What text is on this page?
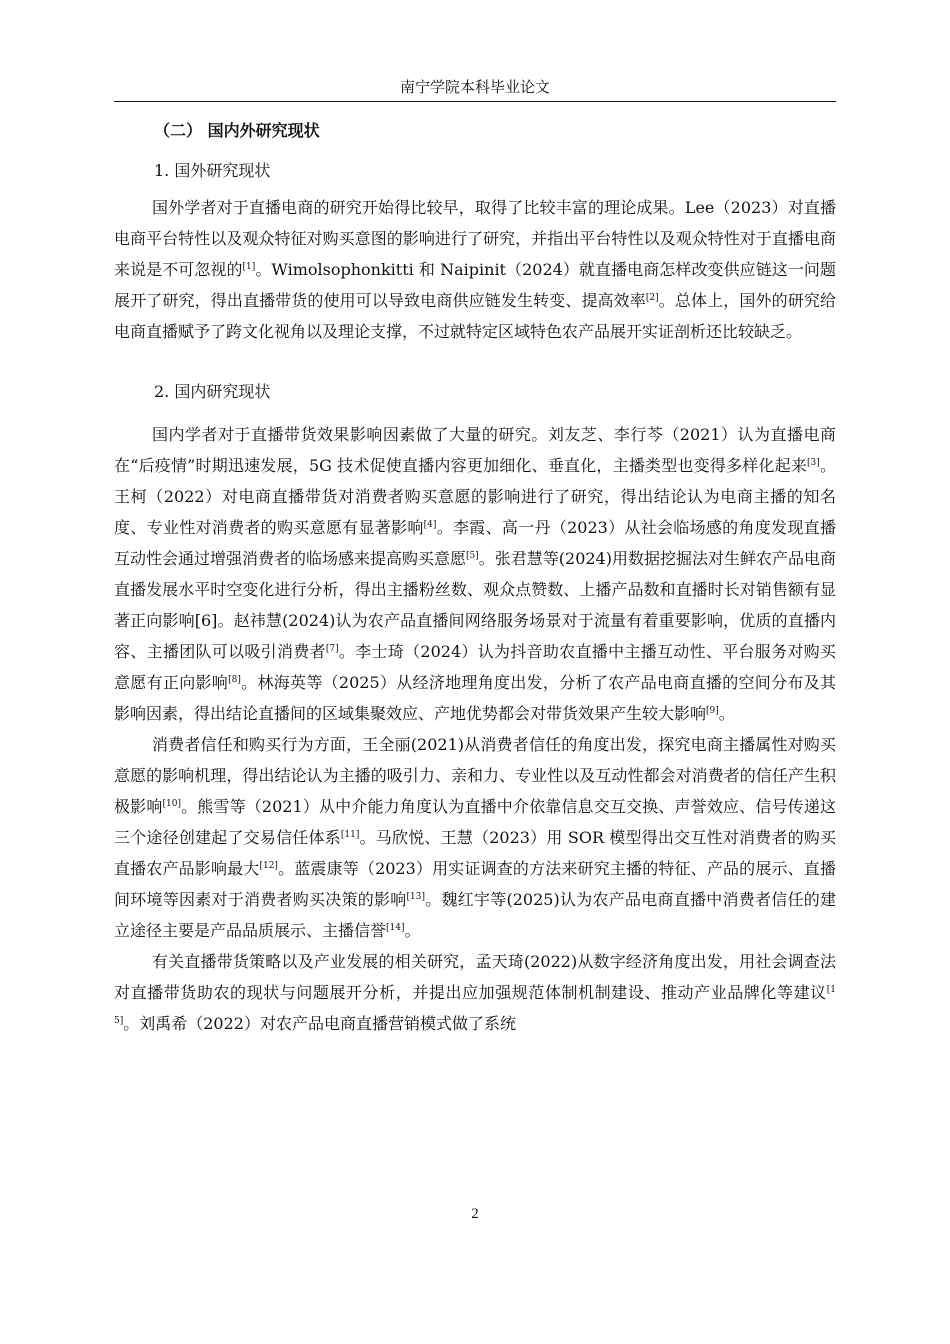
南宁学院本科毕业论文
（二） 国内外研究现状
1. 国外研究现状

国外学者对于直播电商的研究开始得比较早，取得了比较丰富的理论成果。Lee（2023）对直播电商平台特性以及观众特征对购买意图的影响进行了研究，并指出平台特性以及观众特性对于直播电商来说是不可忽视的[1]。Wimolsophonkitti 和 Naipinit（2024）就直播电商怎样改变供应链这一问题展开了研究，得出直播带货的使用可以导致电商供应链发生转变、提高效率[2]。总体上，国外的研究给电商直播赋予了跨文化视角以及理论支撑，不过就特定区域特色农产品展开实证剖析还比较缺乏。

2. 国内研究现状

国内学者对于直播带货效果影响因素做了大量的研究。刘友芝、李行芩（2021）认为直播电商在“后疫情”时期迅速发展，5G 技术促使直播内容更加细化、垂直化，主播类型也变得多样化起来[3]。王柯（2022）对电商直播带货对消费者购买意愿的影响进行了研究，得出结论认为电商主播的知名度、专业性对消费者的购买意愿有显著影响[4]。李霞、高一丹（2023）从社会临场感的角度发现直播互动性会通过增强消费者的临场感来提高购买意愿[5]。张君慧等(2024)用数据挖掘法对生鲜农产品电商直播发展水平时空变化进行分析，得出主播粉丝数、观众点赞数、上播产品数和直播时长对销售额有显著正向影响[6]。赵祎慧(2024)认为农产品直播间网络服务场景对于流量有着重要影响，优质的直播内容、主播团队可以吸引消费者[7]。李士琦（2024）认为抖音助农直播中主播互动性、平台服务对购买意愿有正向影响[8]。林海英等（2025）从经济地理角度出发，分析了农产品电商直播的空间分布及其影响因素，得出结论直播间的区域集聚效应、产地优势都会对带货效果产生较大影响[9]。

消费者信任和购买行为方面，王全丽(2021)从消费者信任的角度出发，探究电商主播属性对购买意愿的影响机理，得出结论认为主播的吸引力、亲和力、专业性以及互动性都会对消费者的信任产生积极影响[10]。熊雪等（2021）从中介能力角度认为直播中介依靠信息交互交换、声誉效应、信号传递这三个途径创建起了交易信任体系[11]。马欣悦、王慧（2023）用 SOR 模型得出交互性对消费者的购买直播农产品影响最大[12]。蓝震康等（2023）用实证调查的方法来研究主播的特征、产品的展示、直播间环境等因素对于消费者购买决策的影响[13]。魏红宇等(2025)认为农产品电商直播中消费者信任的建立途径主要是产品品质展示、主播信誉[14]。

有关直播带货策略以及产业发展的相关研究，孟天琦(2022)从数字经济角度出发，用社会调查法对直播带货助农的现状与问题展开分析，并提出应加强规范体制机制建设、推动产业品牌化等建议[15]。刘禹希（2022）对农产品电商直播营销模式做了系统

2
